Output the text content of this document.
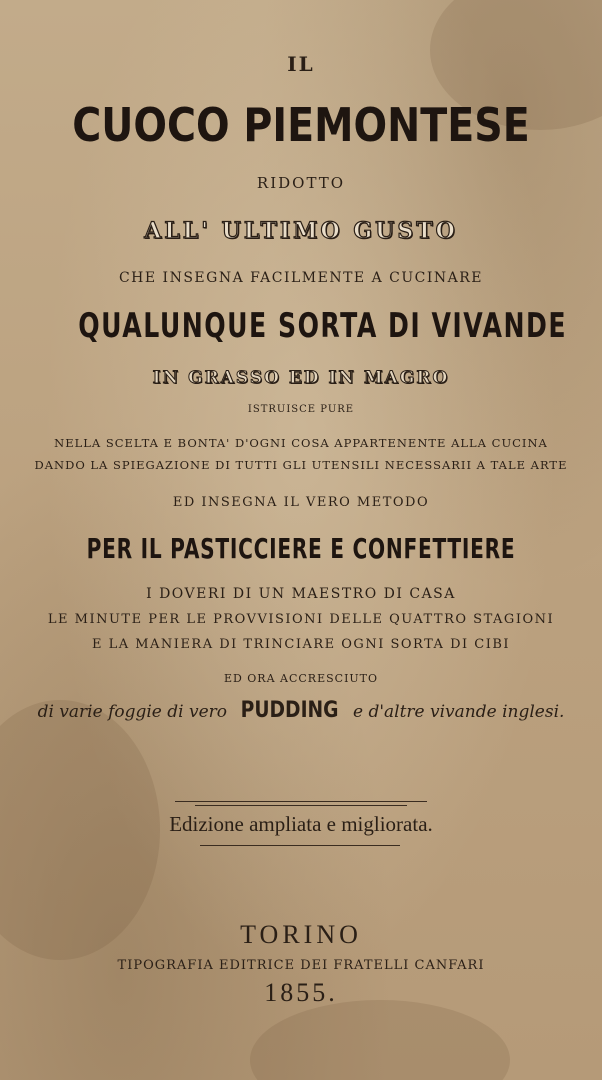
IL

CUOCO PIEMONTESE

RIDOTTO

ALL' ULTIMO GUSTO

CHE INSEGNA FACILMENTE A CUCINARE

QUALUNQUE SORTA DI VIVANDE

IN GRASSO ED IN MAGRO

ISTRUISCE PURE

NELLA SCELTA E BONTA' D'OGNI COSA APPARTENENTE ALLA CUCINA

DANDO LA SPIEGAZIONE DI TUTTI GLI UTENSILI NECESSARII A TALE ARTE

ED INSEGNA IL VERO METODO

PER IL PASTICCIERE E CONFETTIERE

I DOVERI DI UN MAESTRO DI CASA

LE MINUTE PER LE PROVVISIONI DELLE QUATTRO STAGIONI

E LA MANIERA DI TRINCIARE OGNI SORTA DI CIBI

ED ORA ACCRESCIUTO

di varie foggie di vero PUDDING e d'altre vivande inglesi.

Edizione ampliata e migliorata.

TORINO

TIPOGRAFIA EDITRICE DEI FRATELLI CANFARI

1855.
